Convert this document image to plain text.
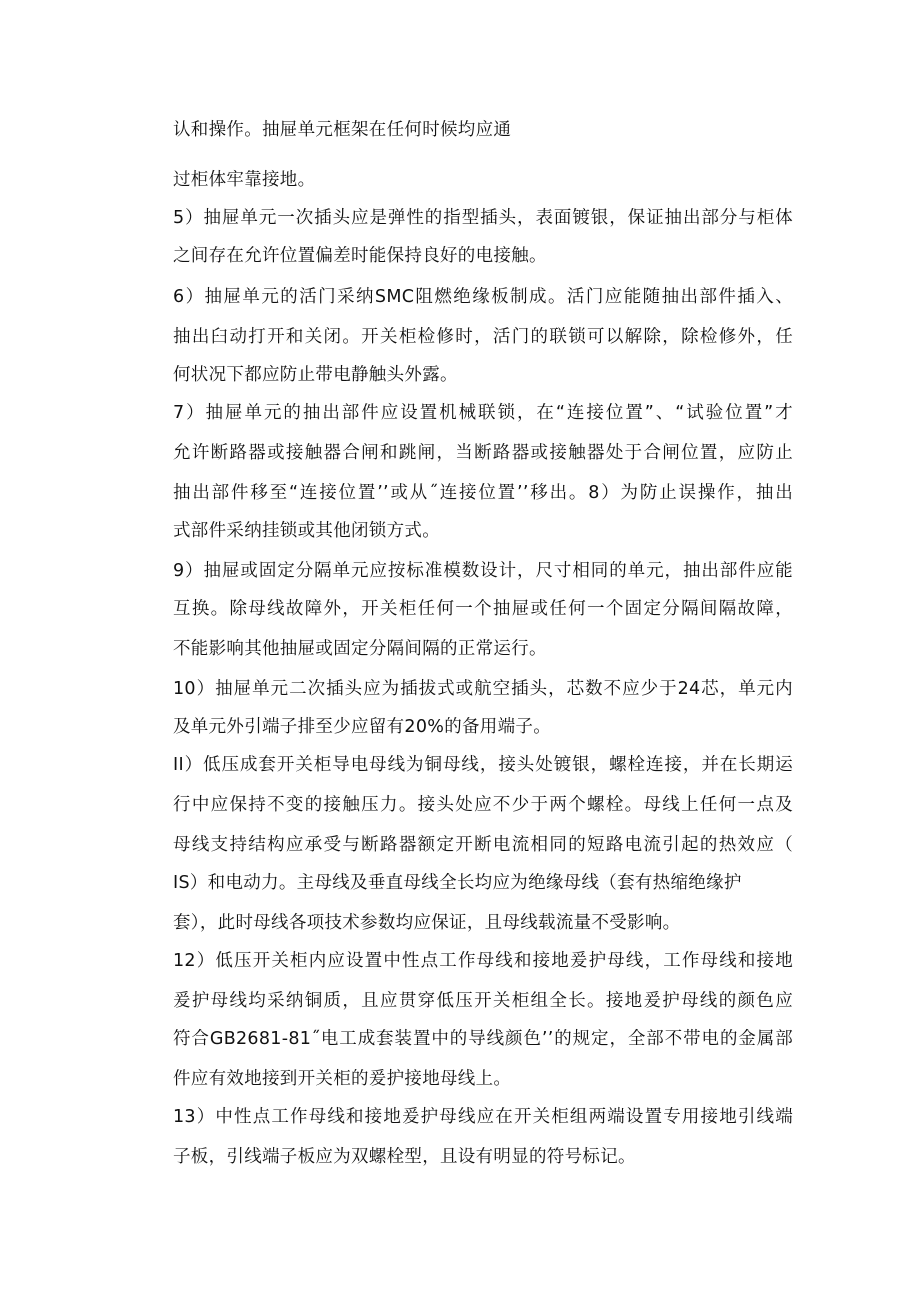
认和操作。抽屉单元框架在任何时候均应通
过柜体牢靠接地。
5）抽屉单元一次插头应是弹性的指型插头，表面镀银，保证抽出部分与柜体
之间存在允许位置偏差时能保持良好的电接触。
6）抽屉单元的活门采纳SMC阻燃绝缘板制成。活门应能随抽出部件插入、
抽出臼动打开和关闭。开关柜检修时，活门的联锁可以解除，除检修外，任
何状况下都应防止带电静触头外露。
7）抽屉单元的抽出部件应设置机械联锁，在“连接位置”、“试验位置”才
允许断路器或接触器合闸和跳闸，当断路器或接触器处于合闸位置，应防止
抽出部件移至“连接位置’’或从˝连接位置’’移出。8）为防止误操作，抽出
式部件采纳挂锁或其他闭锁方式。
9）抽屉或固定分隔单元应按标准模数设计，尺寸相同的单元，抽出部件应能
互换。除母线故障外，开关柜任何一个抽屉或任何一个固定分隔间隔故障，
不能影响其他抽屉或固定分隔间隔的正常运行。
10）抽屉单元二次插头应为插拔式或航空插头，芯数不应少于24芯，单元内
及单元外引端子排至少应留有20%的备用端子。
II）低压成套开关柜导电母线为铜母线，接头处镀银，螺栓连接，并在长期运
行中应保持不变的接触压力。接头处应不少于两个螺栓。母线上任何一点及
母线支持结构应承受与断路器额定开断电流相同的短路电流引起的热效应（
IS）和电动力。主母线及垂直母线全长均应为绝缘母线（套有热缩绝缘护
套），此时母线各项技术参数均应保证，且母线载流量不受影响。
12）低压开关柜内应设置中性点工作母线和接地爰护母线，工作母线和接地
爰护母线均采纳铜质，且应贯穿低压开关柜组全长。接地爰护母线的颜色应
符合GB2681-81˝电工成套装置中的导线颜色’’的规定，全部不带电的金属部
件应有效地接到开关柜的爰护接地母线上。
13）中性点工作母线和接地爰护母线应在开关柜组两端设置专用接地引线端
子板，引线端子板应为双螺栓型，且设有明显的符号标记。
